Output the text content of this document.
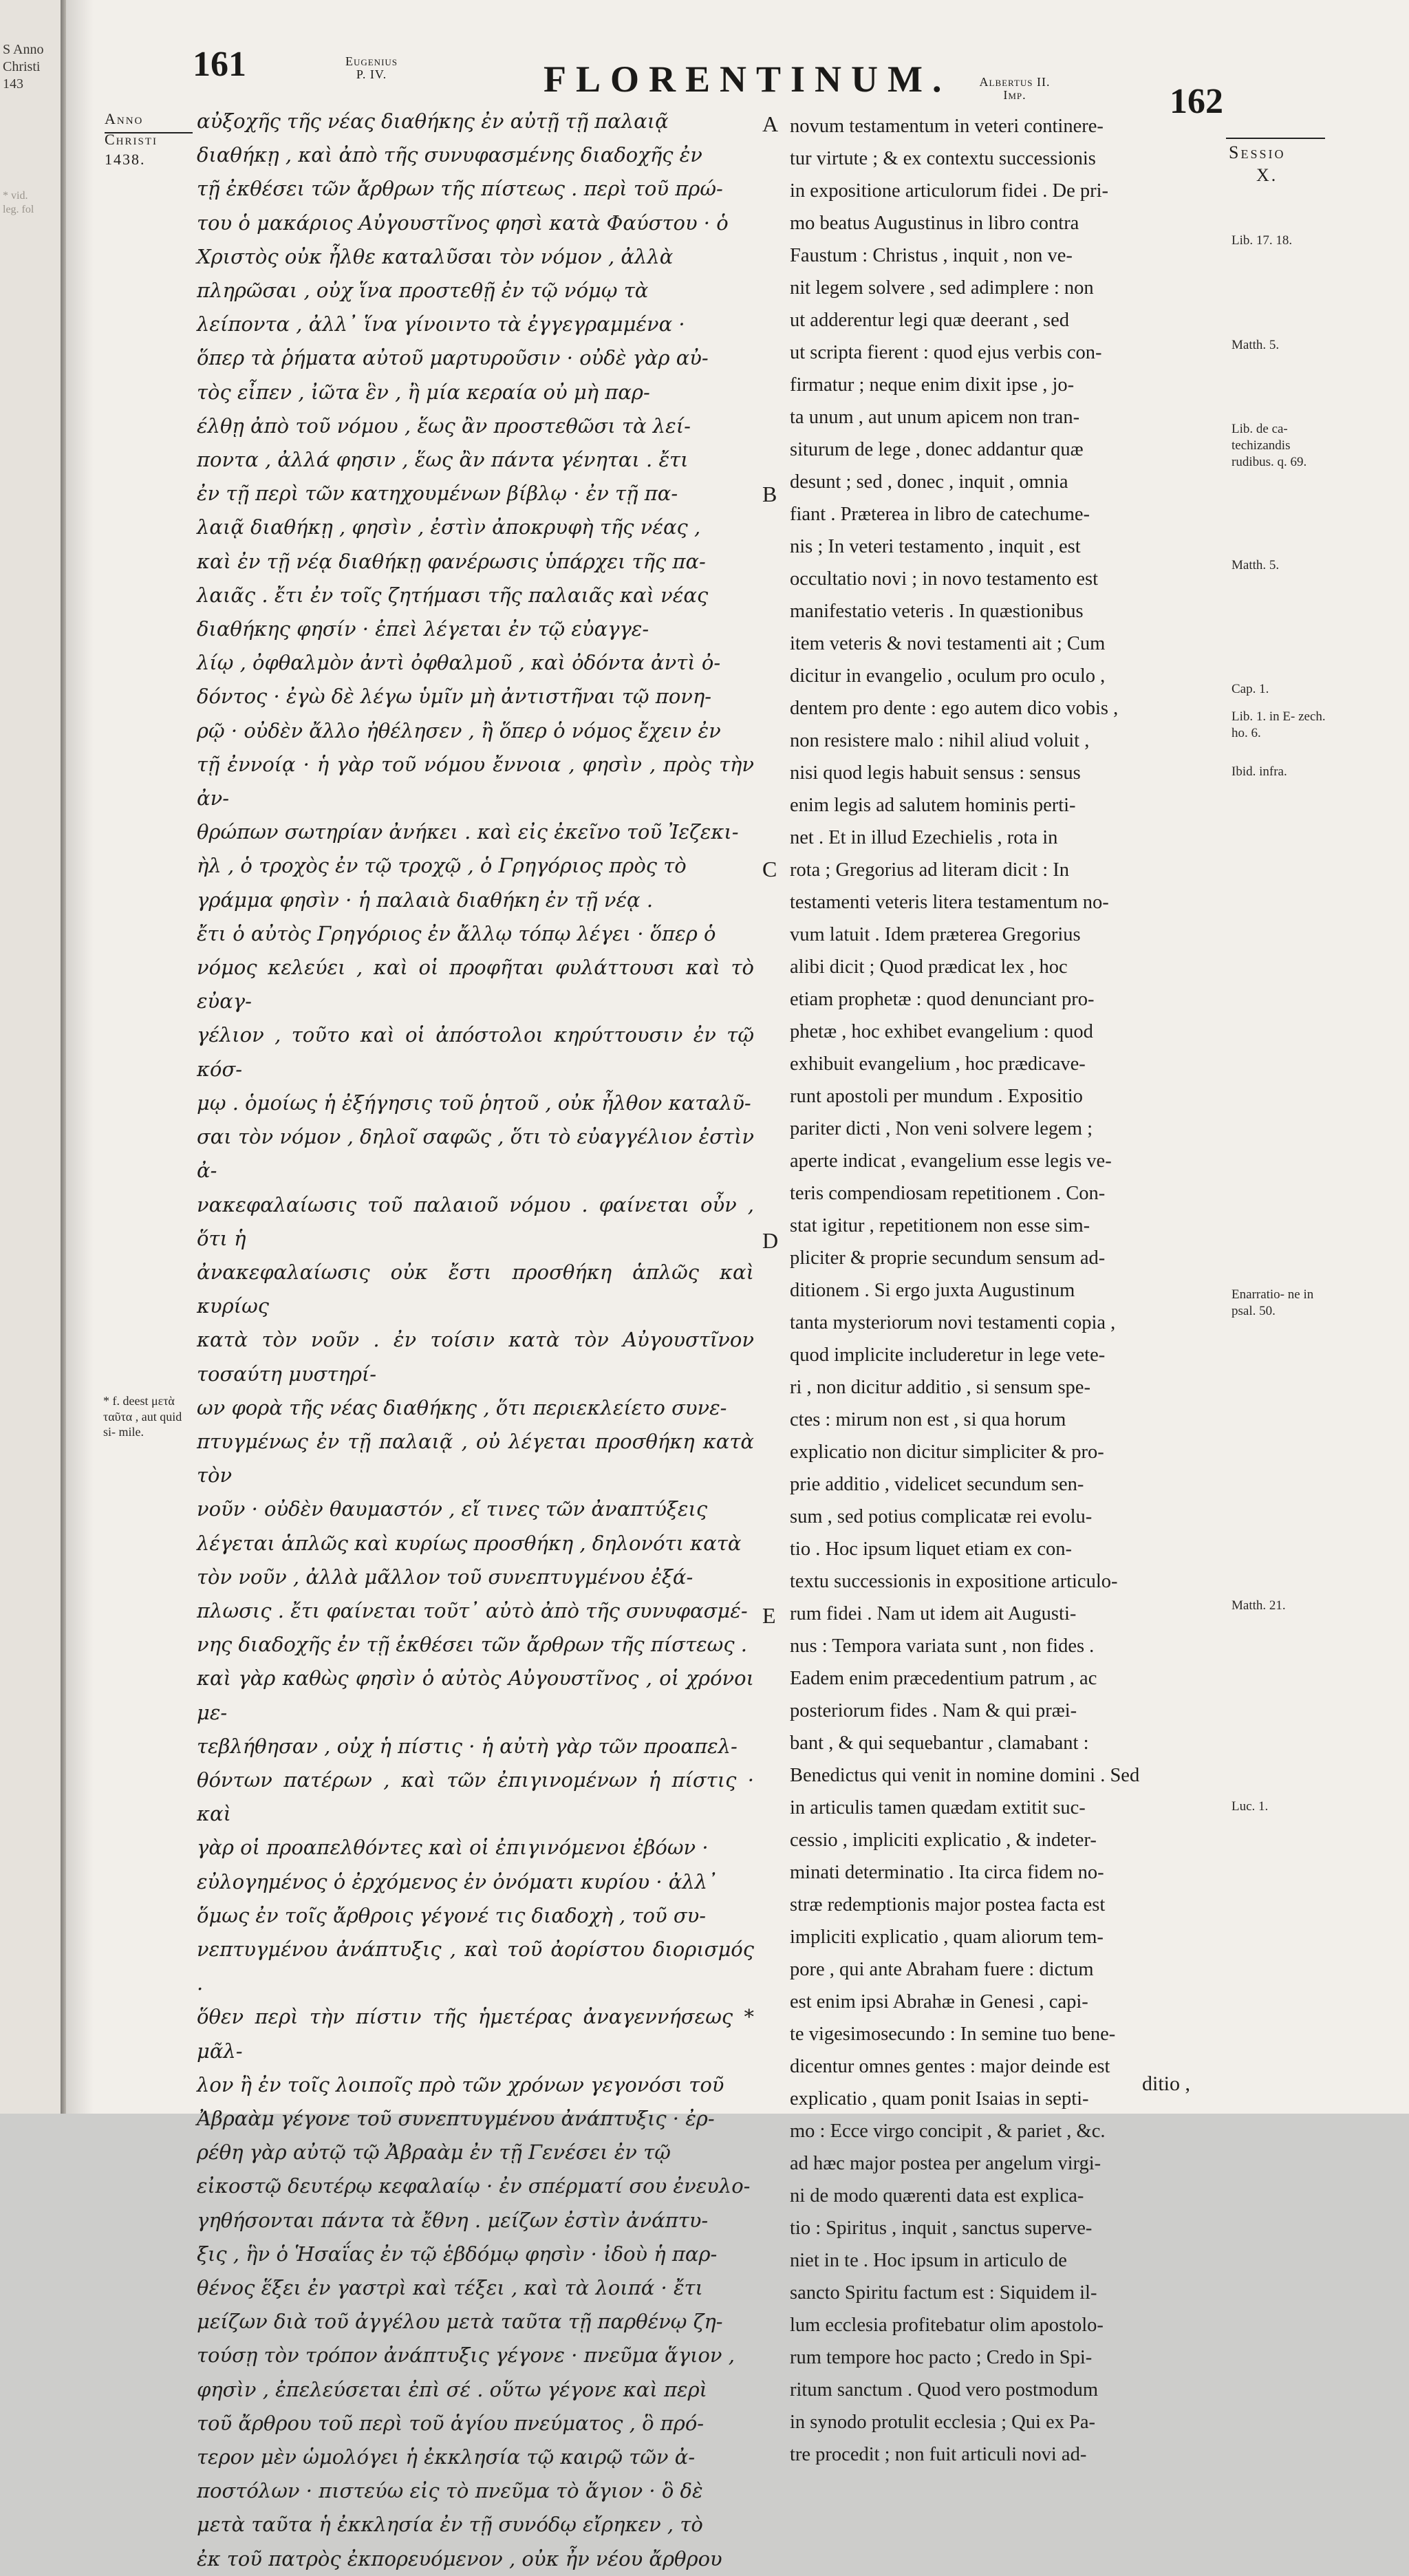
S Anno
Christi
143
* vid.
leg. fol
161	Eugenius
P. IV.	FLORENTINUM.	Albertus II.
Imp.	162
Anno
Christi
1438.	Sessio
X.

αὐξοχῆς τῆς νέας διαθήκης ἐν αὐτῇ τῇ παλαιᾷ

διαθήκῃ , καὶ ἀπὸ τῆς συνυφασμένης διαδοχῆς ἐν

τῇ ἐκθέσει τῶν ἄρθρων τῆς πίστεως . περὶ τοῦ πρώ-

του ὁ μακάριος Αὐγουστῖνος φησὶ κατὰ Φαύστου · ὁ

Χριστὸς οὐκ ἦλθε καταλῦσαι τὸν νόμον , ἀλλὰ

πληρῶσαι , οὐχ ἵνα προστεθῇ ἐν τῷ νόμῳ τὰ

λείποντα , ἀλλ᾽ ἵνα γίνοιντο τὰ ἐγγεγραμμένα ·

ὅπερ τὰ ῥήματα αὐτοῦ μαρτυροῦσιν · οὐδὲ γὰρ αὐ-

τὸς εἶπεν , ἰῶτα ἓν , ἢ μία κεραία οὐ μὴ παρ-

έλθῃ ἀπὸ τοῦ νόμου , ἕως ἂν προστεθῶσι τὰ λεί-

ποντα , ἀλλά φησιν , ἕως ἂν πάντα γένηται . ἔτι

ἐν τῇ περὶ τῶν κατηχουμένων βίβλῳ · ἐν τῇ πα-

λαιᾷ διαθήκῃ , φησὶν , ἐστὶν ἀποκρυφὴ τῆς νέας ,

καὶ ἐν τῇ νέᾳ διαθήκῃ φανέρωσις ὑπάρχει τῆς πα-

λαιᾶς . ἔτι ἐν τοῖς ζητήμασι τῆς παλαιᾶς καὶ νέας

διαθήκης φησίν · ἐπεὶ λέγεται ἐν τῷ εὐαγγε-

λίῳ , ὀφθαλμὸν ἀντὶ ὀφθαλμοῦ , καὶ ὀδόντα ἀντὶ ὀ-

δόντος · ἐγὼ δὲ λέγω ὑμῖν μὴ ἀντιστῆναι τῷ πονη-

ρῷ · οὐδὲν ἄλλο ἠθέλησεν , ἢ ὅπερ ὁ νόμος ἔχειν ἐν

τῇ ἐννοίᾳ · ἡ γὰρ τοῦ νόμου ἔννοια , φησὶν , πρὸς τὴν ἀν-

θρώπων σωτηρίαν ἀνήκει . καὶ εἰς ἐκεῖνο τοῦ Ἰεζεκι-

ὴλ , ὁ τροχὸς ἐν τῷ τροχῷ , ὁ Γρηγόριος πρὸς τὸ

γράμμα φησὶν · ἡ παλαιὰ διαθήκη ἐν τῇ νέᾳ .

ἔτι ὁ αὐτὸς Γρηγόριος ἐν ἄλλῳ τόπῳ λέγει · ὅπερ ὁ

νόμος κελεύει , καὶ οἱ προφῆται φυλάττουσι καὶ τὸ εὐαγ-

γέλιον , τοῦτο καὶ οἱ ἀπόστολοι κηρύττουσιν ἐν τῷ κόσ-

μῳ . ὁμοίως ἡ ἐξήγησις τοῦ ῥητοῦ , οὐκ ἦλθον καταλῦ-

σαι τὸν νόμον , δηλοῖ σαφῶς , ὅτι τὸ εὐαγγέλιον ἐστὶν ἀ-

νακεφαλαίωσις τοῦ παλαιοῦ νόμου . φαίνεται οὖν , ὅτι ἡ

ἀνακεφαλαίωσις οὐκ ἔστι προσθήκη ἁπλῶς καὶ κυρίως

κατὰ τὸν νοῦν . ἐν τοίσιν κατὰ τὸν Αὐγουστῖνον τοσαύτη μυστηρί-

ων φορὰ τῆς νέας διαθήκης , ὅτι περιεκλείετο συνε-

πτυγμένως ἐν τῇ παλαιᾷ , οὐ λέγεται προσθήκη κατὰ τὸν

νοῦν · οὐδὲν θαυμαστόν , εἴ τινες τῶν ἀναπτύξεις

λέγεται ἁπλῶς καὶ κυρίως προσθήκη , δηλονότι κατὰ

τὸν νοῦν , ἀλλὰ μᾶλλον τοῦ συνεπτυγμένου ἐξά-

πλωσις . ἔτι φαίνεται τοῦτ᾽ αὐτὸ ἀπὸ τῆς συνυφασμέ-

νης διαδοχῆς ἐν τῇ ἐκθέσει τῶν ἄρθρων τῆς πίστεως .

καὶ γὰρ καθὼς φησὶν ὁ αὐτὸς Αὐγουστῖνος , οἱ χρόνοι με-

τεβλήθησαν , οὐχ ἡ πίστις · ἡ αὐτὴ γὰρ τῶν προαπελ-

θόντων πατέρων , καὶ τῶν ἐπιγινομένων ἡ πίστις · καὶ

γὰρ οἱ προαπελθόντες καὶ οἱ ἐπιγινόμενοι ἐβόων ·

εὐλογημένος ὁ ἐρχόμενος ἐν ὀνόματι κυρίου · ἀλλ᾽

ὅμως ἐν τοῖς ἄρθροις γέγονέ τις διαδοχὴ , τοῦ συ-

νεπτυγμένου ἀνάπτυξις , καὶ τοῦ ἀορίστου διορισμός .

ὅθεν περὶ τὴν πίστιν τῆς ἡμετέρας ἀναγεννήσεως * μᾶλ-

λον ἢ ἐν τοῖς λοιποῖς πρὸ τῶν χρόνων γεγονόσι τοῦ

Ἀβραὰμ γέγονε τοῦ συνεπτυγμένου ἀνάπτυξις · ἐρ-

ρέθη γὰρ αὐτῷ τῷ Ἀβραὰμ ἐν τῇ Γενέσει ἐν τῷ

εἰκοστῷ δευτέρῳ κεφαλαίῳ · ἐν σπέρματί σου ἐνευλο-

γηθήσονται πάντα τὰ ἔθνη . μείζων ἐστὶν ἀνάπτυ-

ξις , ἣν ὁ Ἡσαΐας ἐν τῷ ἑβδόμῳ φησὶν · ἰδοὺ ἡ παρ-

θένος ἕξει ἐν γαστρὶ καὶ τέξει , καὶ τὰ λοιπά · ἔτι

μείζων διὰ τοῦ ἀγγέλου μετὰ ταῦτα τῇ παρθένῳ ζη-

τούσῃ τὸν τρόπον ἀνάπτυξις γέγονε · πνεῦμα ἅγιον ,

φησὶν , ἐπελεύσεται ἐπὶ σέ . οὕτω γέγονε καὶ περὶ

τοῦ ἄρθρου τοῦ περὶ τοῦ ἁγίου πνεύματος , ὃ πρό-

τερον μὲν ὡμολόγει ἡ ἐκκλησία τῷ καιρῷ τῶν ἀ-

ποστόλων · πιστεύω εἰς τὸ πνεῦμα τὸ ἅγιον · ὃ δὲ

μετὰ ταῦτα ἡ ἐκκλησία ἐν τῇ συνόδῳ εἴρηκεν , τὸ

ἐκ τοῦ πατρὸς ἐκπορευόμενον , οὐκ ἦν νέου ἄρθρου

novum testamentum in veteri continere-

tur virtute ; & ex contextu successionis

in expositione articulorum fidei . De pri-

mo beatus Augustinus in libro contra

Faustum : Christus , inquit , non ve-

nit legem solvere , sed adimplere : non

ut adderentur legi quæ deerant , sed

ut scripta fierent : quod ejus verbis con-

firmatur ; neque enim dixit ipse , jo-

ta unum , aut unum apicem non tran-

siturum de lege , donec addantur quæ

desunt ; sed , donec , inquit , omnia

fiant . Præterea in libro de catechume-

nis ; In veteri testamento , inquit , est

occultatio novi ; in novo testamento est

manifestatio veteris . In quæstionibus

item veteris & novi testamenti ait ; Cum

dicitur in evangelio , oculum pro oculo ,

dentem pro dente : ego autem dico vobis ,

non resistere malo : nihil aliud voluit ,

nisi quod legis habuit sensus : sensus

enim legis ad salutem hominis perti-

net . Et in illud Ezechielis , rota in

rota ; Gregorius ad literam dicit : In

testamenti veteris litera testamentum no-

vum latuit . Idem præterea Gregorius

alibi dicit ; Quod prædicat lex , hoc

etiam prophetæ : quod denunciant pro-

phetæ , hoc exhibet evangelium : quod

exhibuit evangelium , hoc prædicave-

runt apostoli per mundum . Expositio

pariter dicti , Non veni solvere legem ;

aperte indicat , evangelium esse legis ve-

teris compendiosam repetitionem . Con-

stat igitur , repetitionem non esse sim-

pliciter & proprie secundum sensum ad-

ditionem . Si ergo juxta Augustinum

tanta mysteriorum novi testamenti copia ,

quod implicite includeretur in lege vete-

ri , non dicitur additio , si sensum spe-

ctes : mirum non est , si qua horum

explicatio non dicitur simpliciter & pro-

prie additio , videlicet secundum sen-

sum , sed potius complicatæ rei evolu-

tio . Hoc ipsum liquet etiam ex con-

textu successionis in expositione articulo-

rum fidei . Nam ut idem ait Augusti-

nus : Tempora variata sunt , non fides .

Eadem enim præcedentium patrum , ac

posteriorum fides . Nam & qui præi-

bant , & qui sequebantur , clamabant :

Benedictus qui venit in nomine domini . Sed

in articulis tamen quædam extitit suc-

cessio , impliciti explicatio , & indeter-

minati determinatio . Ita circa fidem no-

stræ redemptionis major postea facta est

impliciti explicatio , quam aliorum tem-

pore , qui ante Abraham fuere : dictum

est enim ipsi Abrahæ in Genesi , capi-

te vigesimosecundo : In semine tuo bene-

dicentur omnes gentes : major deinde est

explicatio , quam ponit Isaias in septi-

mo : Ecce virgo concipit , & pariet , &c.

ad hæc major postea per angelum virgi-

ni de modo quærenti data est explica-

tio : Spiritus , inquit , sanctus superve-

niet in te . Hoc ipsum in articulo de

sancto Spiritu factum est : Siquidem il-

lum ecclesia profitebatur olim apostolo-

rum tempore hoc pacto ; Credo in Spi-

ritum sanctum . Quod vero postmodum

in synodo protulit ecclesia ; Qui ex Pa-

tre procedit ; non fuit articuli novi ad-

ditio ,
A
B
C
D
E
Lib. 17. 18.
Matth. 5.
Lib. de ca- techizandis rudibus. q. 69.
Matth. 5.
Cap. 1.
Lib. 1. in E- zech. ho. 6.
Ibid. infra.
Enarratio- ne in psal. 50.
Matth. 21.
Luc. 1.
* f. deest μετὰ ταῦτα , aut quid si- mile.
